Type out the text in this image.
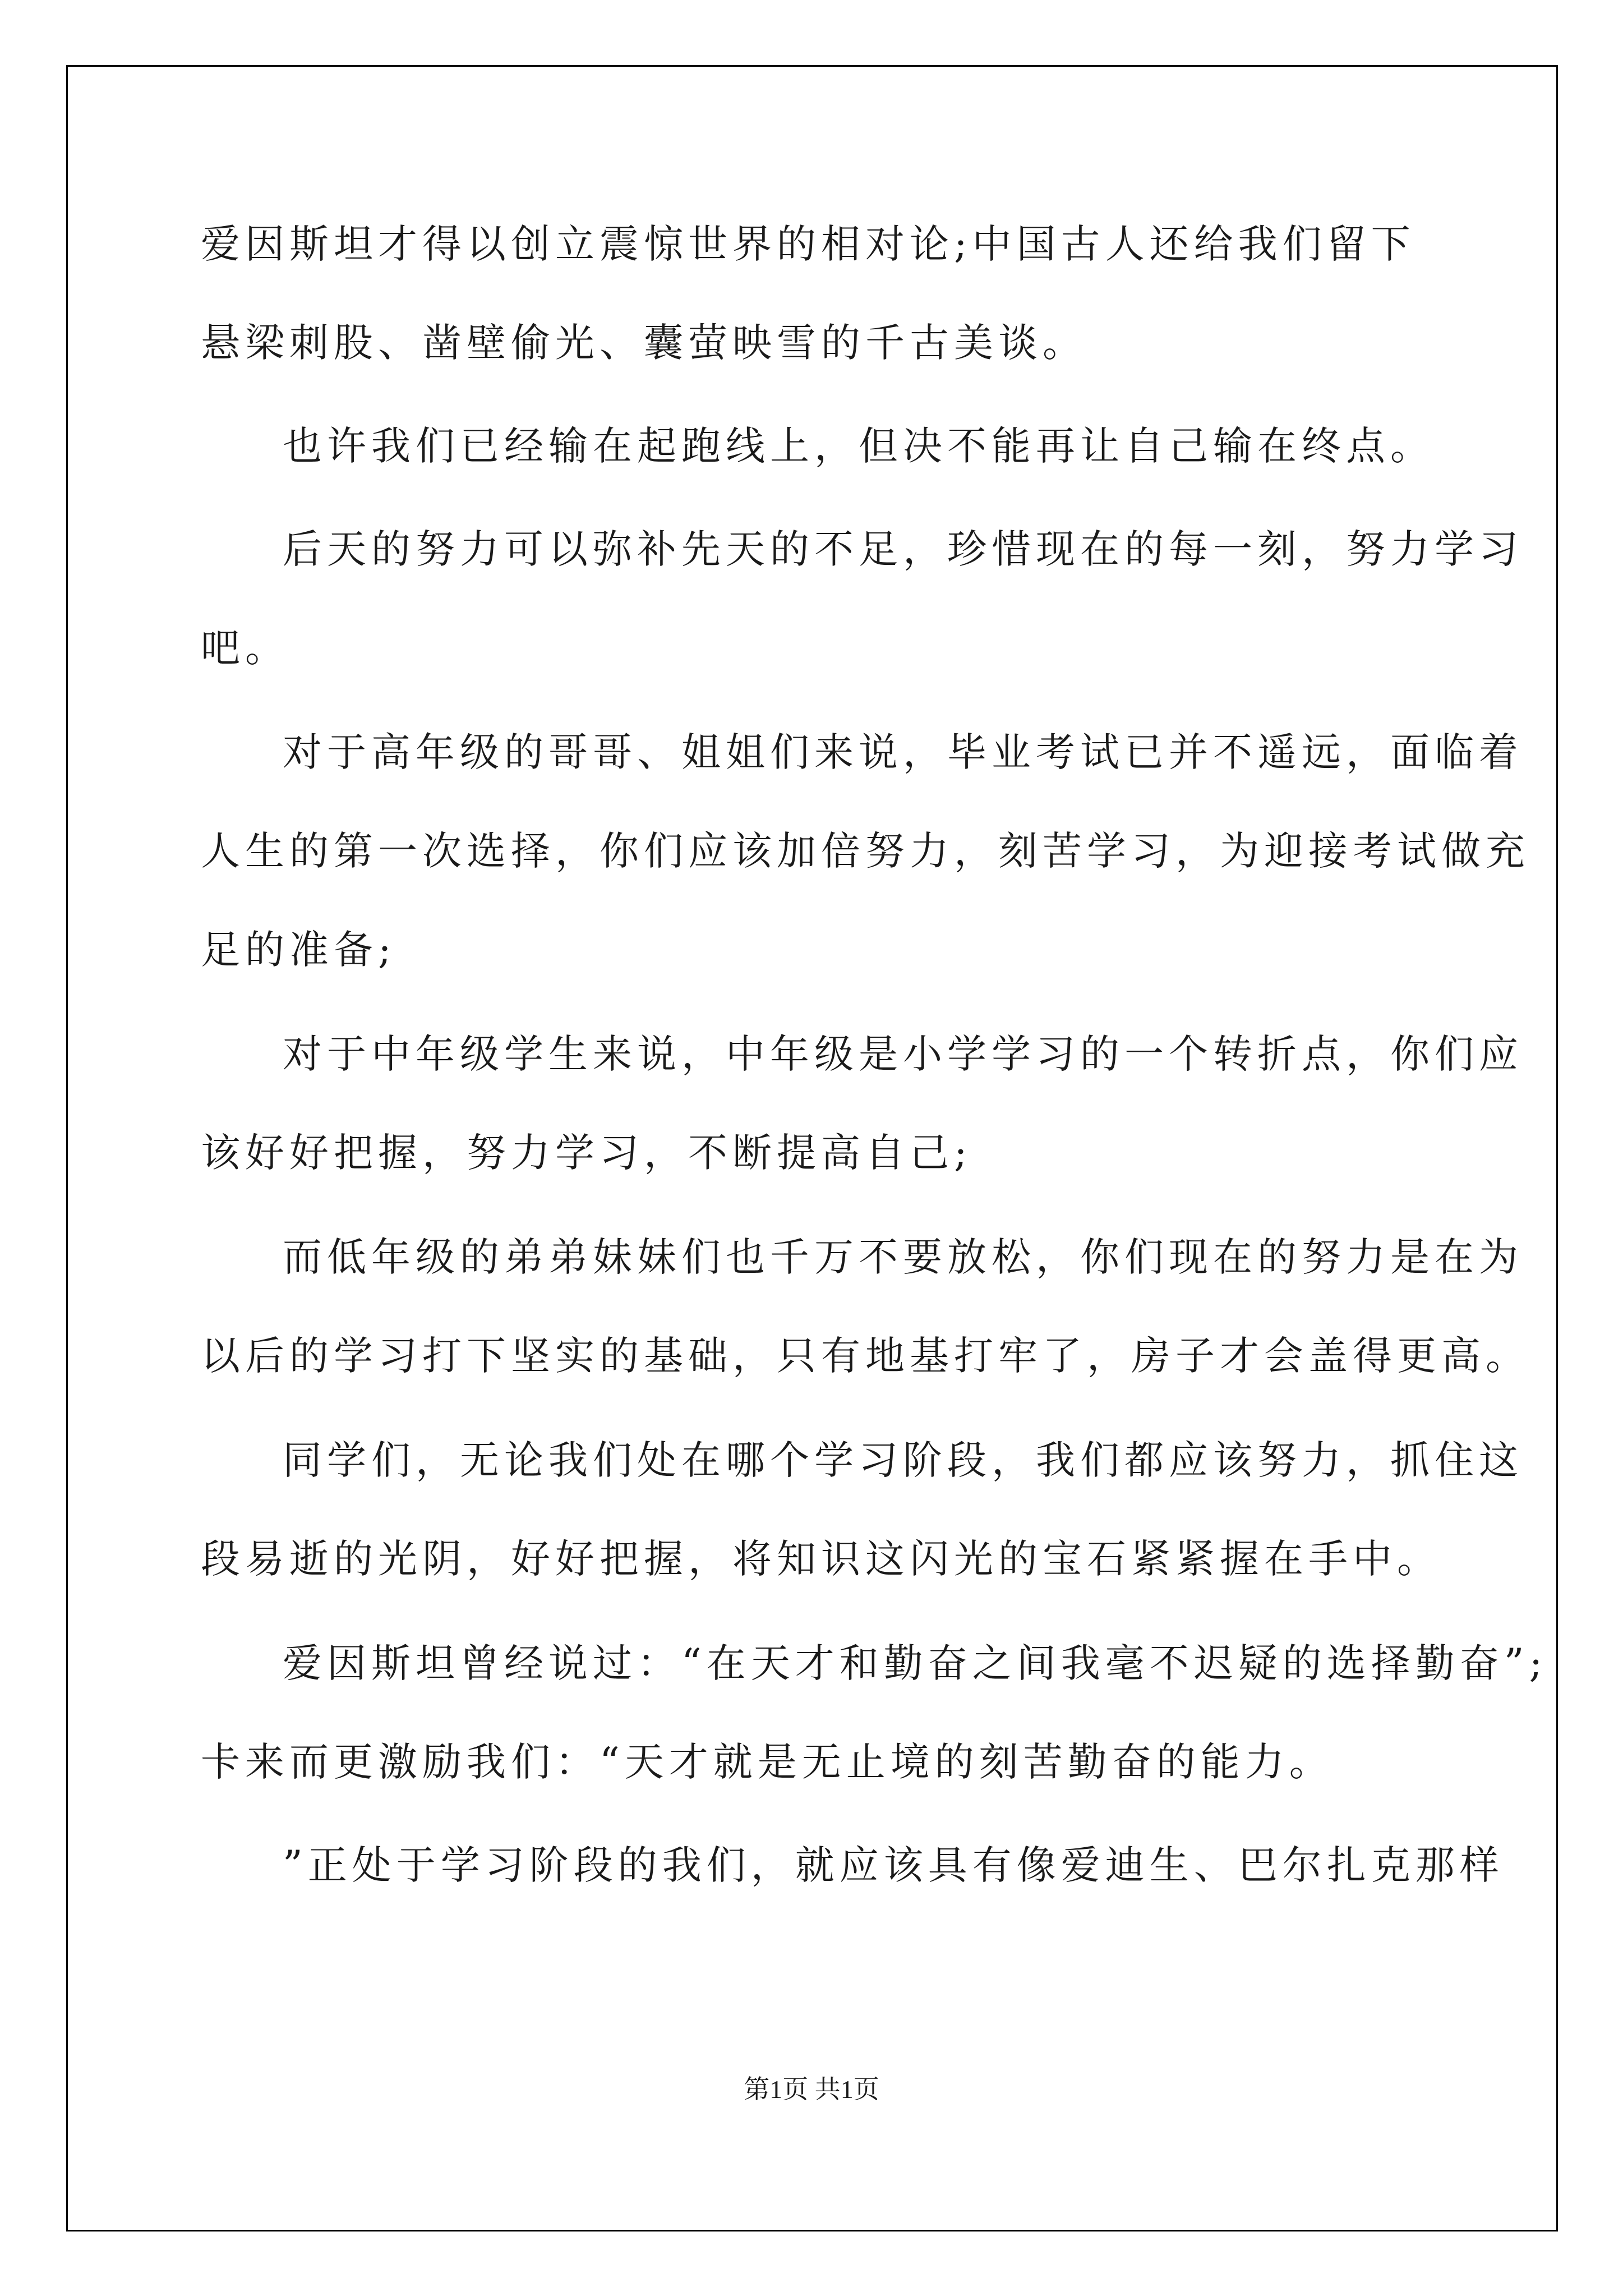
爱因斯坦才得以创立震惊世界的相对论;中国古人还给我们留下
悬梁刺股、凿壁偷光、囊萤映雪的千古美谈。
也许我们已经输在起跑线上，但决不能再让自己输在终点。
后天的努力可以弥补先天的不足，珍惜现在的每一刻，努力学习
吧。
对于高年级的哥哥、姐姐们来说，毕业考试已并不遥远，面临着
人生的第一次选择，你们应该加倍努力，刻苦学习，为迎接考试做充
足的准备;
对于中年级学生来说，中年级是小学学习的一个转折点，你们应
该好好把握，努力学习，不断提高自己;
而低年级的弟弟妹妹们也千万不要放松，你们现在的努力是在为
以后的学习打下坚实的基础，只有地基打牢了，房子才会盖得更高。
同学们，无论我们处在哪个学习阶段，我们都应该努力，抓住这
段易逝的光阴，好好把握，将知识这闪光的宝石紧紧握在手中。
爱因斯坦曾经说过：“在天才和勤奋之间我毫不迟疑的选择勤奋”;
卡来而更激励我们：“天才就是无止境的刻苦勤奋的能力。
”正处于学习阶段的我们，就应该具有像爱迪生、巴尔扎克那样
第1页 共1页
